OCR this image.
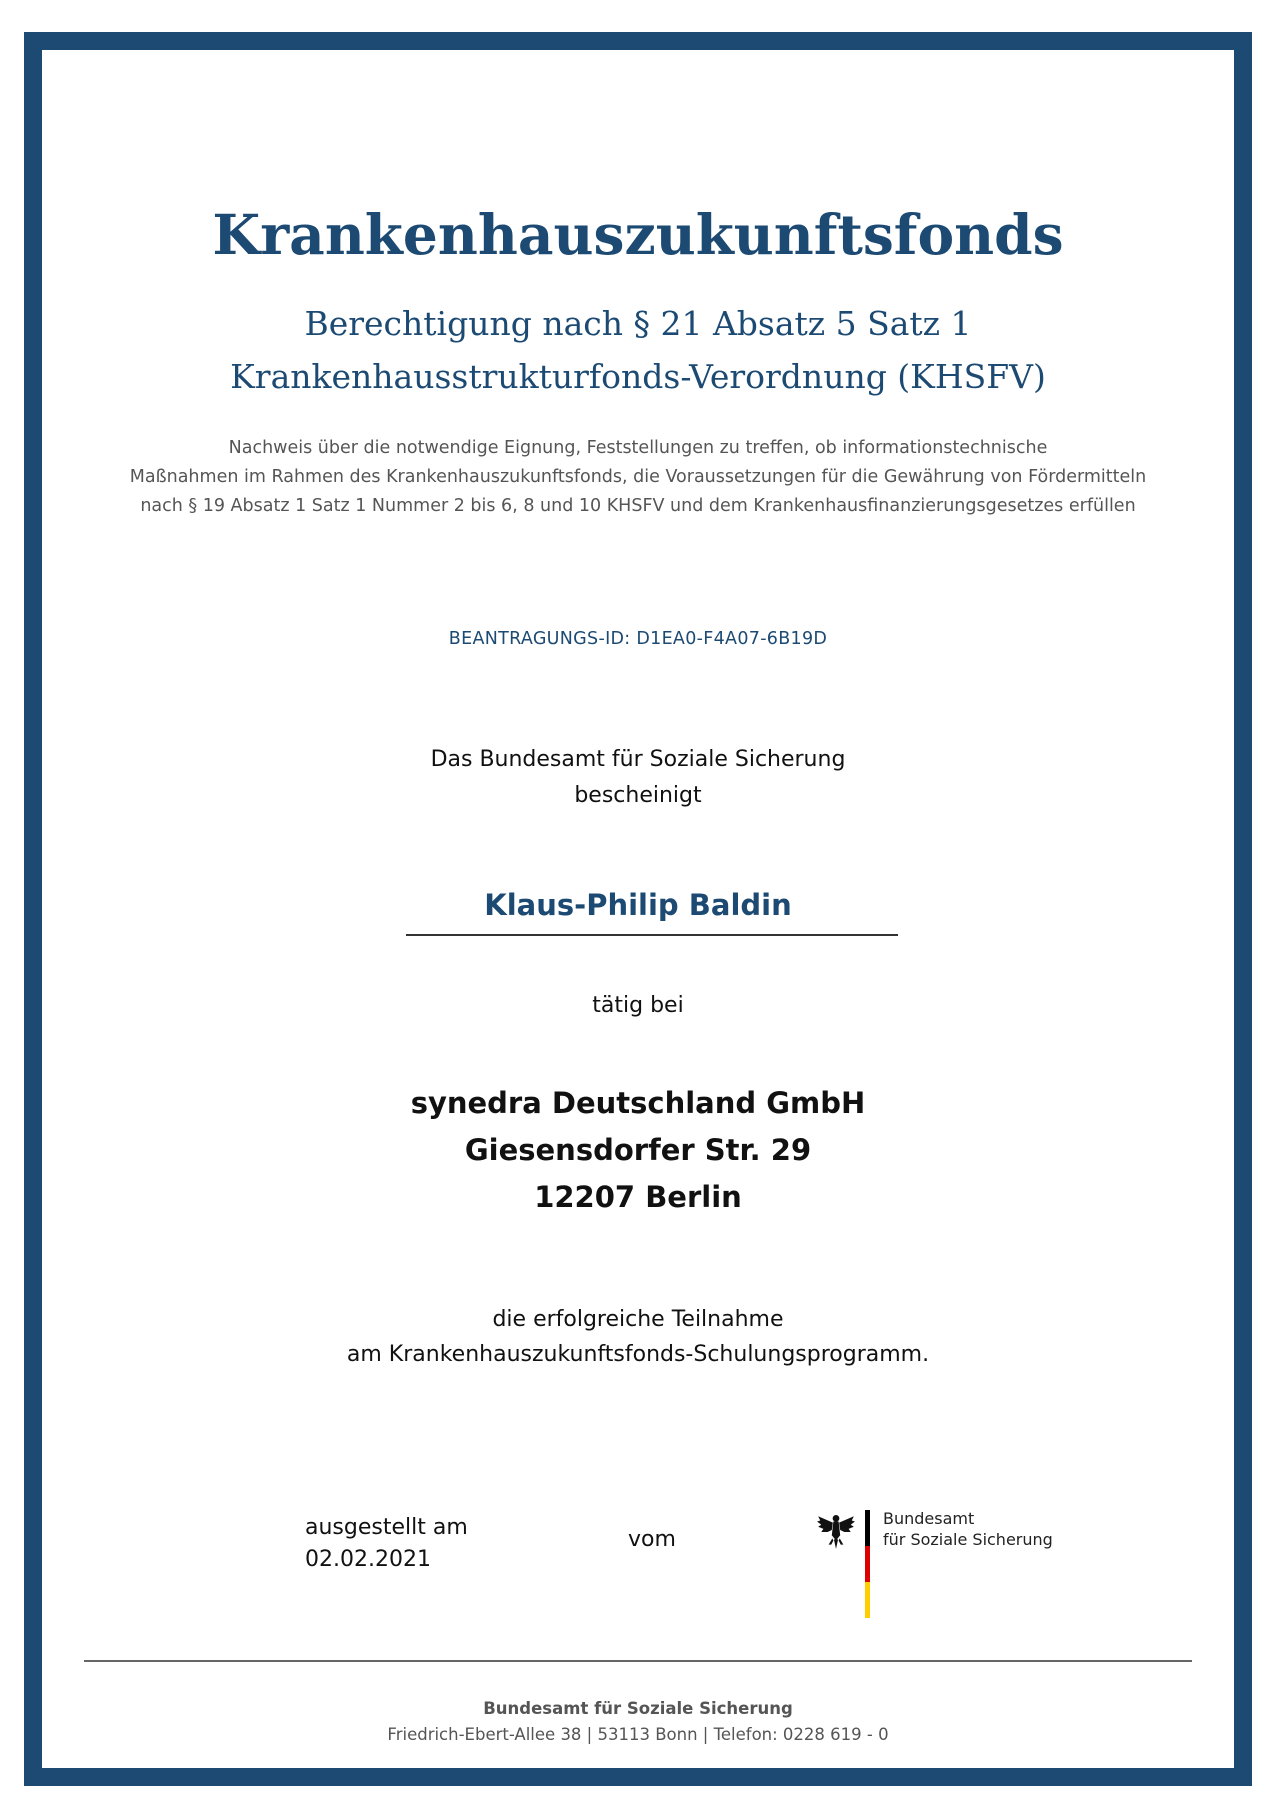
Krankenhauszukunftsfonds
Berechtigung nach § 21 Absatz 5 Satz 1
Krankenhausstrukturfonds-Verordnung (KHSFV)
Nachweis über die notwendige Eignung, Feststellungen zu treffen, ob informationstechnische
Maßnahmen im Rahmen des Krankenhauszukunftsfonds, die Voraussetzungen für die Gewährung von Fördermitteln
nach § 19 Absatz 1 Satz 1 Nummer 2 bis 6, 8 und 10 KHSFV und dem Krankenhausfinanzierungsgesetzes erfüllen
BEANTRAGUNGS-ID: D1EA0-F4A07-6B19D
Das Bundesamt für Soziale Sicherung
bescheinigt
Klaus-Philip Baldin
tätig bei
synedra Deutschland GmbH
Giesensdorfer Str. 29
12207 Berlin
die erfolgreiche Teilnahme
am Krankenhauszukunftsfonds-Schulungsprogramm.
ausgestellt am
02.02.2021
vom
Bundesamt
für Soziale Sicherung
Bundesamt für Soziale Sicherung
Friedrich-Ebert-Allee 38 | 53113 Bonn | Telefon: 0228 619 - 0
